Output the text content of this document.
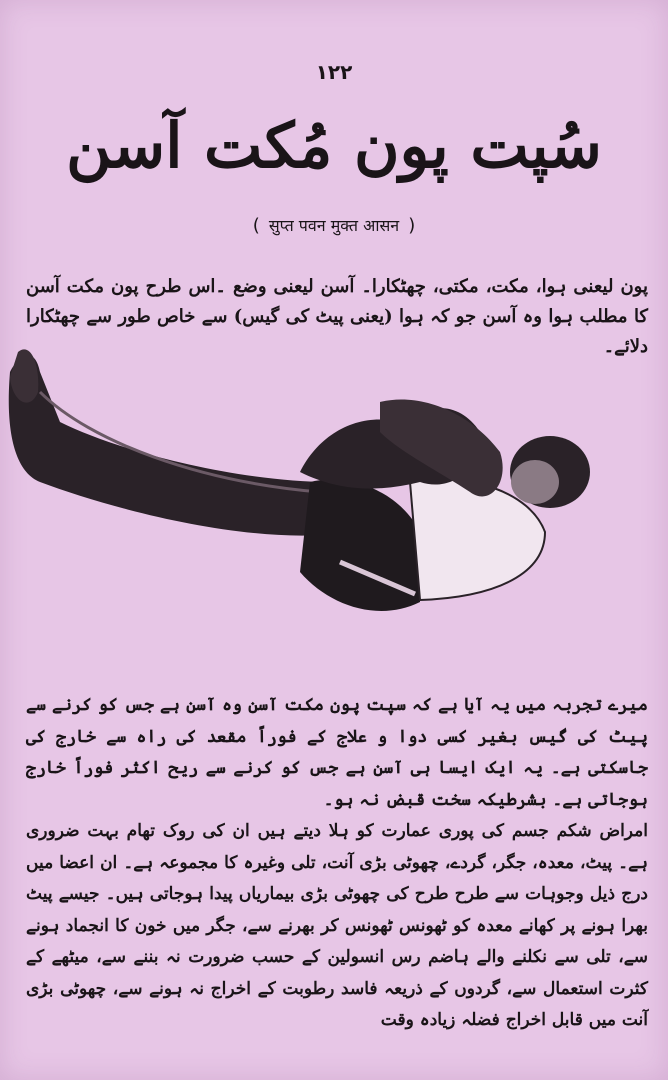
۱۲۲
سُپت پون مُکت آسن
( सुप्त पवन मुक्त आसन )
پون لیعنی ہوا، مکت، مکتی، چھٹکارا۔ آسن لیعنی وضع ۔اس طرح پون مکت آسن کا مطلب ہوا وہ آسن جو کہ ہوا (یعنی پیٹ کی گیس) سے خاص طور سے چھٹکارا دلائے۔

میرے تجربہ میں یہ آیا ہے کہ سپت پون مکت آسن وہ آسن ہے جس کو کرنے سے پیٹ کی گیس بغیر کسی دوا و علاج کے فوراً مقعد کی راہ سے خارج کی جاسکتی ہے۔ یہ ایک ایسا ہی آسن ہے جس کو کرنے سے ریح اکثر فوراً خارج ہوجاتی ہے۔ بشرطیکہ سخت قبض نہ ہو۔

امراض شکم جسم کی پوری عمارت کو ہلا دیتے ہیں ان کی روک تھام بہت ضروری ہے۔ پیٹ، معدہ، جگر، گردے، چھوٹی بڑی آنت، تلی وغیرہ کا مجموعہ ہے۔ ان اعضا میں درج ذیل وجوہات سے طرح طرح کی چھوٹی بڑی بیماریاں پیدا ہوجاتی ہیں۔ جیسے پیٹ بھرا ہونے پر کھانے معدہ کو ٹھونس ٹھونس کر بھرنے سے، جگر میں خون کا انجماد ہونے سے، تلی سے نکلنے والے ہاضم رس انسولین کے حسب ضرورت نہ بننے سے، میٹھے کے کثرت استعمال سے، گردوں کے ذریعہ فاسد رطوبت کے اخراج نہ ہونے سے، چھوٹی بڑی آنت میں قابل اخراج فضلہ زیادہ وقت
